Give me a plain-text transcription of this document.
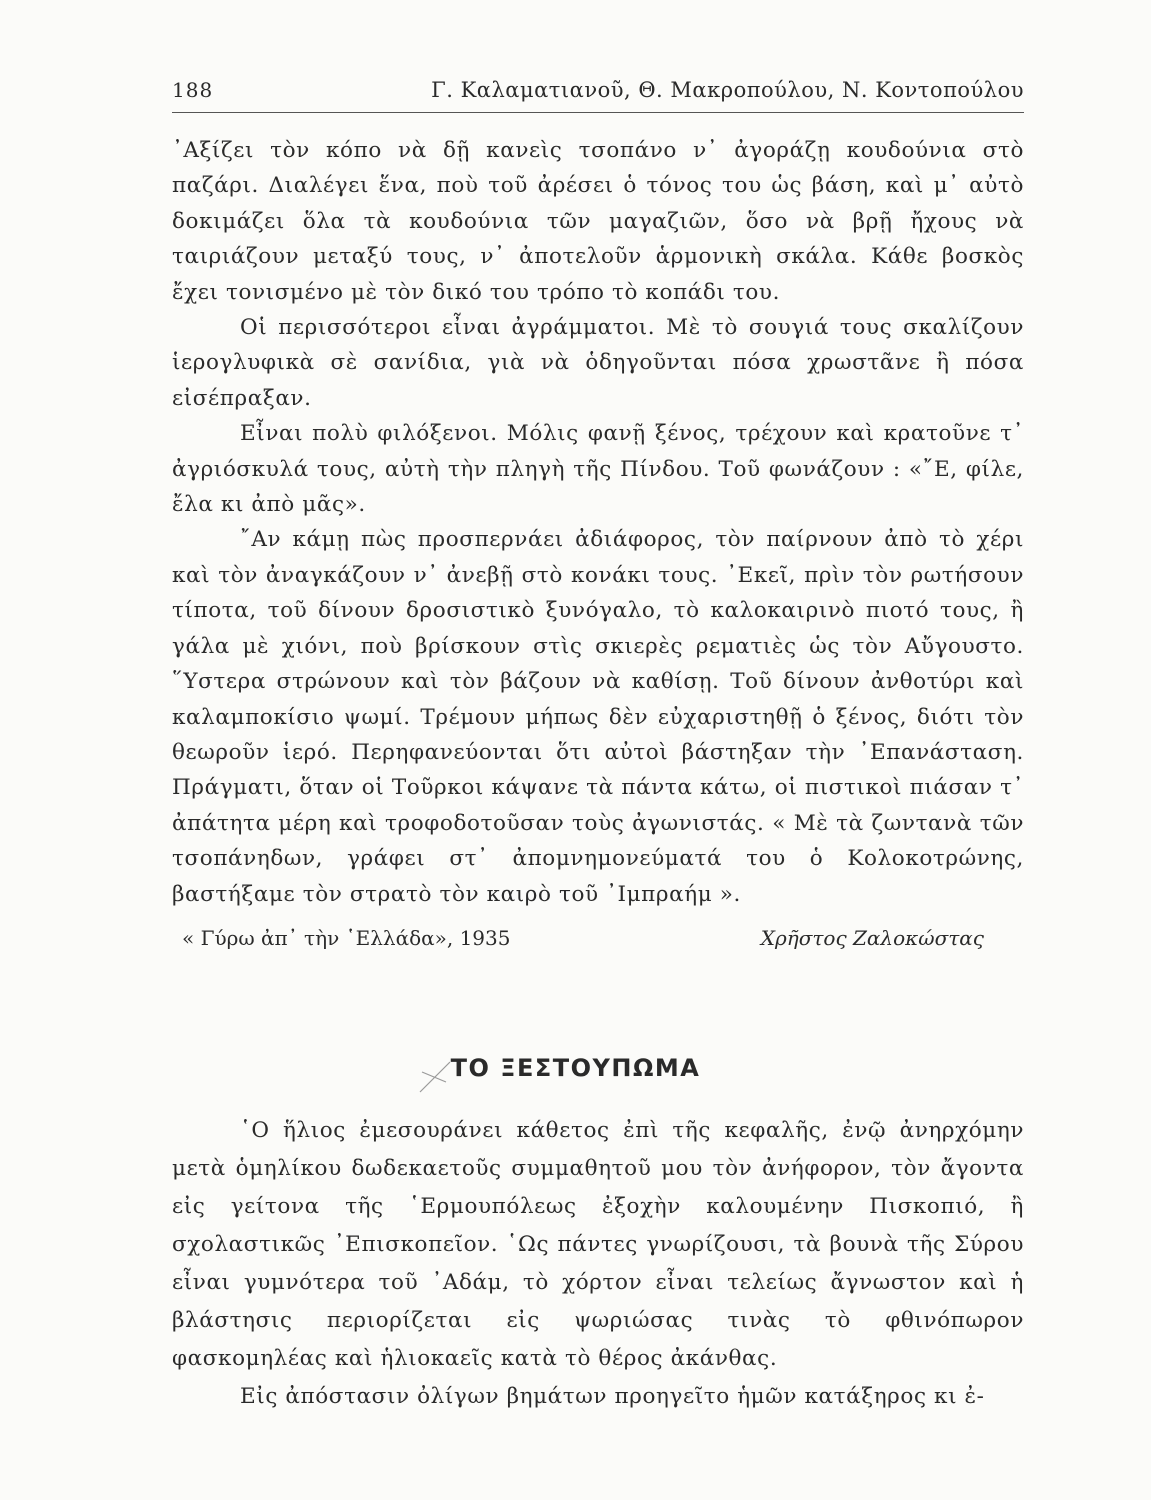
188	Γ. Καλαματιανοῦ, Θ. Μακροπούλου, Ν. Κοντοπούλου

᾿Αξίζει τὸν κόπο νὰ δῇ κανεὶς τσοπάνο ν᾿ ἀγοράζῃ κουδούνια στὸ παζάρι. Διαλέγει ἕνα, ποὺ τοῦ ἀρέσει ὁ τόνος του ὡς βάση, καὶ μ᾿ αὐτὸ δοκιμάζει ὅλα τὰ κουδούνια τῶν μαγαζιῶν, ὅσο νὰ βρῇ ἤχους νὰ ταιριάζουν μεταξύ τους, ν᾿ ἀποτελοῦν ἁρμονικὴ σκάλα. Κάθε βοσκὸς ἔχει τονισμένο μὲ τὸν δικό του τρόπο τὸ κοπάδι του.

Οἱ περισσότεροι εἶναι ἀγράμματοι. Μὲ τὸ σουγιά τους σκαλίζουν ἱερογλυφικὰ σὲ σανίδια, γιὰ νὰ ὁδηγοῦνται πόσα χρωστᾶνε ἢ πόσα εἰσέπραξαν.

Εἶναι πολὺ φιλόξενοι. Μόλις φανῇ ξένος, τρέχουν καὶ κρατοῦνε τ᾿ ἀγριόσκυλά τους, αὐτὴ τὴν πληγὴ τῆς Πίνδου. Τοῦ φωνάζουν : «῎Ε, φίλε, ἔλα κι ἀπὸ μᾶς».

῎Αν κάμῃ πὼς προσπερνάει ἀδιάφορος, τὸν παίρνουν ἀπὸ τὸ χέρι καὶ τὸν ἀναγκάζουν ν᾿ ἀνεβῇ στὸ κονάκι τους. ᾿Εκεῖ, πρὶν τὸν ρωτήσουν τίποτα, τοῦ δίνουν δροσιστικὸ ξυνόγαλο, τὸ καλοκαιρινὸ πιοτό τους, ἢ γάλα μὲ χιόνι, ποὺ βρίσκουν στὶς σκιερὲς ρεματιὲς ὡς τὸν Αὔγουστο. ῞Υστερα στρώνουν καὶ τὸν βάζουν νὰ καθίσῃ. Τοῦ δίνουν ἀνθοτύρι καὶ καλαμποκίσιο ψωμί. Τρέμουν μήπως δὲν εὐχαριστηθῇ ὁ ξένος, διότι τὸν θεωροῦν ἱερό. Περηφανεύονται ὅτι αὐτοὶ βάστηξαν τὴν ᾿Επανάσταση. Πράγματι, ὅταν οἱ Τοῦρκοι κάψανε τὰ πάντα κάτω, οἱ πιστικοὶ πιάσαν τ᾿ ἀπάτητα μέρη καὶ τροφοδοτοῦσαν τοὺς ἀγωνιστάς. « Μὲ τὰ ζωντανὰ τῶν τσοπάνηδων, γράφει στ᾿ ἀπομνημονεύματά του ὁ Κολοκοτρώνης, βαστήξαμε τὸν στρατὸ τὸν καιρὸ τοῦ ᾿Ιμπραήμ ».

« Γύρω ἀπ᾿ τὴν ῾Ελλάδα», 1935	Χρῆστος Ζαλοκώστας
ΤΟ ΞΕΣΤΟΥΠΩΜΑ

῾Ο ἥλιος ἐμεσουράνει κάθετος ἐπὶ τῆς κεφαλῆς, ἐνῷ ἀνηρχόμην μετὰ ὁμηλίκου δωδεκαετοῦς συμμαθητοῦ μου τὸν ἀνήφορον, τὸν ἄγοντα εἰς γείτονα τῆς ῾Ερμουπόλεως ἐξοχὴν καλουμένην Πισκοπιό, ἢ σχολαστικῶς ᾿Επισκοπεῖον. ῾Ως πάντες γνωρίζουσι, τὰ βουνὰ τῆς Σύρου εἶναι γυμνότερα τοῦ ᾿Αδάμ, τὸ χόρτον εἶναι τελείως ἄγνωστον καὶ ἡ βλάστησις περιορίζεται εἰς ψωριώσας τινὰς τὸ φθινόπωρον φασκομηλέας καὶ ἡλιοκαεῖς κατὰ τὸ θέρος ἀκάνθας.

Εἰς ἀπόστασιν ὀλίγων βημάτων προηγεῖτο ἡμῶν κατάξηρος κι ἐ-
